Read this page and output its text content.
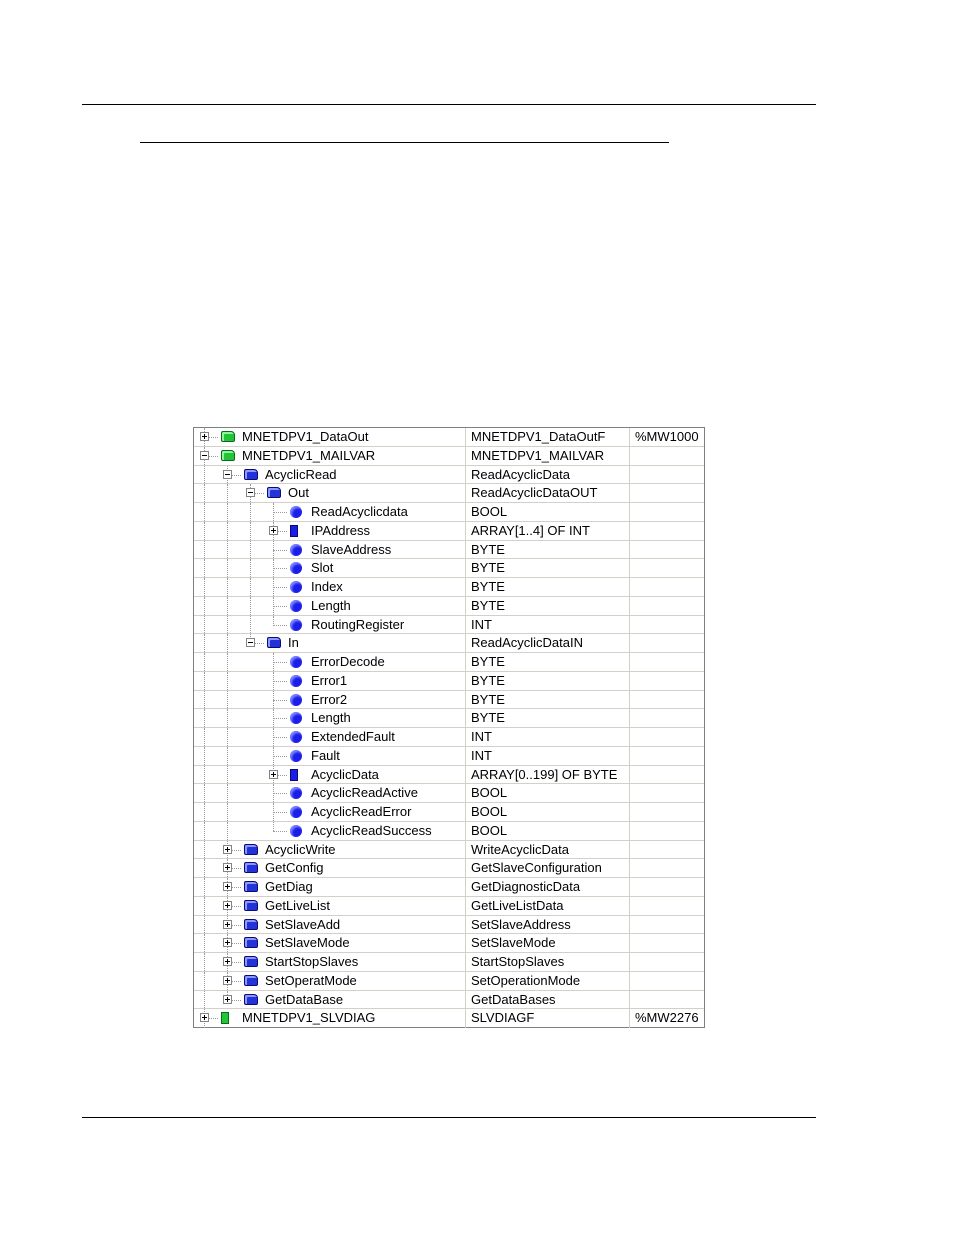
MNETDPV1_DataOut	MNETDPV1_DataOutF	%MW1000
MNETDPV1_MAILVAR	MNETDPV1_MAILVAR
AcyclicRead	ReadAcyclicData
Out	ReadAcyclicDataOUT
ReadAcyclicdata	BOOL
IPAddress	ARRAY[1..4] OF INT
SlaveAddress	BYTE
Slot	BYTE
Index	BYTE
Length	BYTE
RoutingRegister	INT
In	ReadAcyclicDataIN
ErrorDecode	BYTE
Error1	BYTE
Error2	BYTE
Length	BYTE
ExtendedFault	INT
Fault	INT
AcyclicData	ARRAY[0..199] OF BYTE
AcyclicReadActive	BOOL
AcyclicReadError	BOOL
AcyclicReadSuccess	BOOL
AcyclicWrite	WriteAcyclicData
GetConfig	GetSlaveConfiguration
GetDiag	GetDiagnosticData
GetLiveList	GetLiveListData
SetSlaveAdd	SetSlaveAddress
SetSlaveMode	SetSlaveMode
StartStopSlaves	StartStopSlaves
SetOperatMode	SetOperationMode
GetDataBase	GetDataBases
MNETDPV1_SLVDIAG	SLVDIAGF	%MW2276
